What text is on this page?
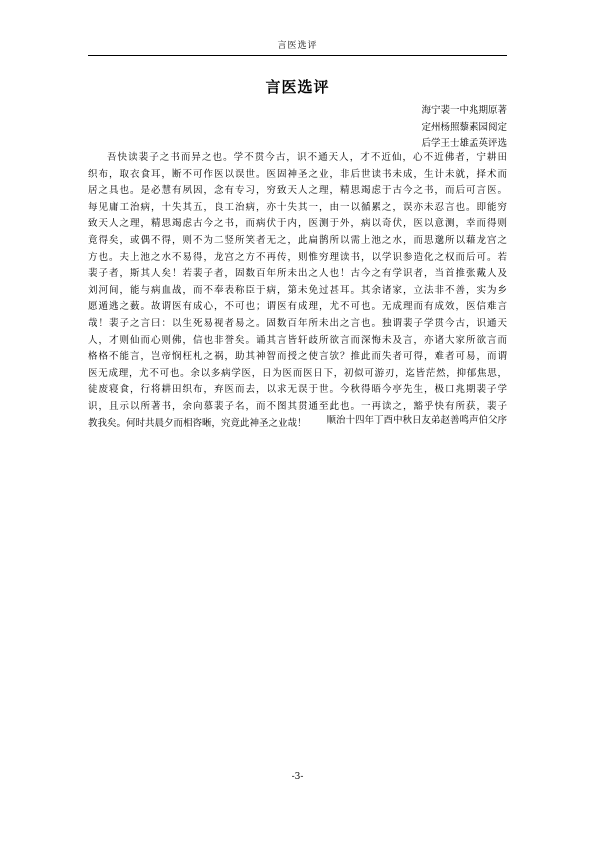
言医选评
言医选评
海宁裴一中兆期原著
定州杨照藜素园阅定
后学王士雄孟英评选
吾快读裴子之书而异之也。学不贯今古，识不通天人，才不近仙，心不近佛者，宁耕田
织布，取衣食耳，断不可作医以误世。医固神圣之业，非后世读书未成，生计未就，择术而
居之具也。是必慧有夙因，念有专习，穷致天人之理，精思竭虑于古今之书，而后可言医。
每见庸工治病，十失其五，良工治病，亦十失其一，由一以循累之，误亦未忍言也。即能穷
致天人之理，精思竭虑古今之书，而病伏于内，医测于外，病以奇伏，医以意测，幸而得则
竟得矣，或偶不得，则不为二竖所笑者无之，此扁鹊所以需上池之水，而思邈所以藉龙宫之
方也。夫上池之水不易得，龙宫之方不再传，则惟穷理读书，以学识参造化之权而后可。若
裴子者，斯其人矣！若裴子者，固数百年所未出之人也！古今之有学识者，当首推张戴人及
刘河间，能与病血战，而不奉表称臣于病，第未免过甚耳。其余诸家，立法非不善，实为乡
愿遁逃之薮。故谓医有成心，不可也；谓医有成理，尤不可也。无成理而有成效，医信难言
哉！裴子之言曰：以生死易视者易之。固数百年所未出之言也。独谓裴子学贯今古，识通天
人，才则仙而心则佛，信也非誉矣。诵其言皆轩歧所欲言而深悔未及言，亦诸大家所欲言而
格格不能言，岂帝悯枉札之祸，助其神智而授之使言欤？推此而失者可得，难者可易，而谓
医无成理，尤不可也。余以多病学医，日为医而医日下，初似可游刃，迄皆茫然，抑郁焦思，
徒废寝食，行将耕田织布，弃医而去，以求无误于世。今秋得晤今亭先生，极口兆期裴子学
识，且示以所著书，余向慕裴子名，而不图其贯通至此也。一再读之，豁乎快有所获，裴子
教我矣。何时共晨夕而相咨晰，究竟此神圣之业哉！	顺治十四年丁酉中秋日友弟赵善鸣声伯父序
-3-
